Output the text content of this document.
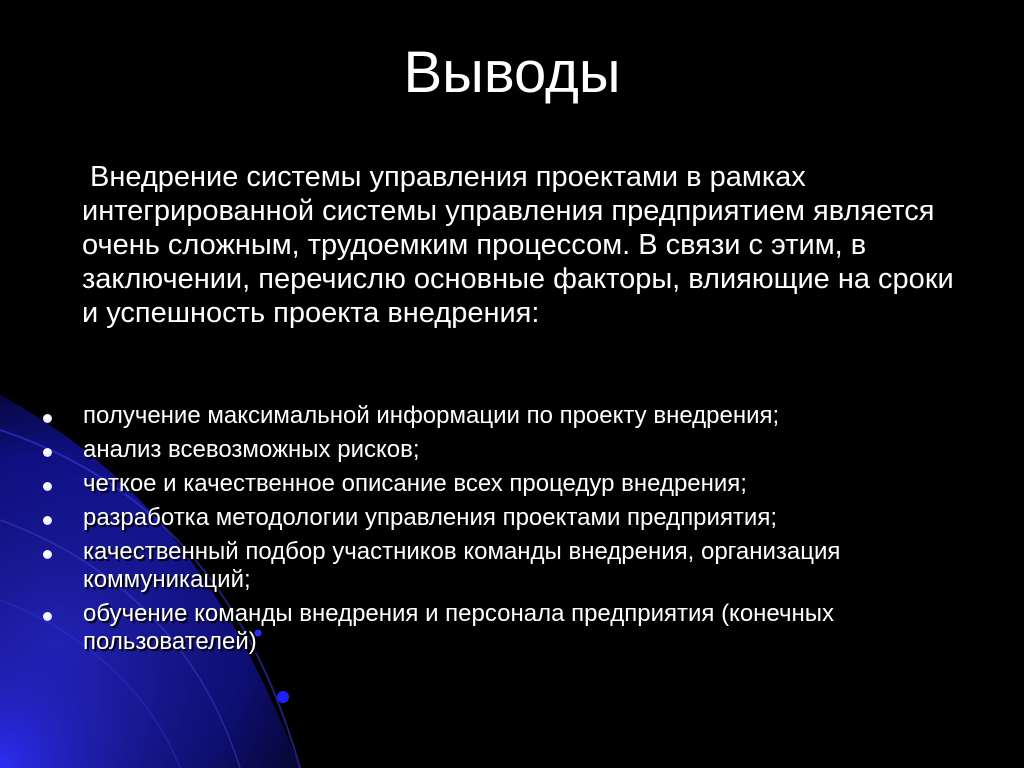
Выводы
Внедрение системы управления проектами в рамках интегрированной системы управления предприятием является очень сложным, трудоемким процессом. В связи с этим, в заключении, перечислю основные факторы, влияющие на сроки и успешность проекта внедрения:
получение максимальной информации по проекту внедрения;
анализ всевозможных рисков;
четкое и качественное описание всех процедур внедрения;
разработка методологии управления проектами предприятия;
качественный подбор участников команды внедрения, организация коммуникаций;
обучение команды внедрения и персонала предприятия (конечных пользователей)
